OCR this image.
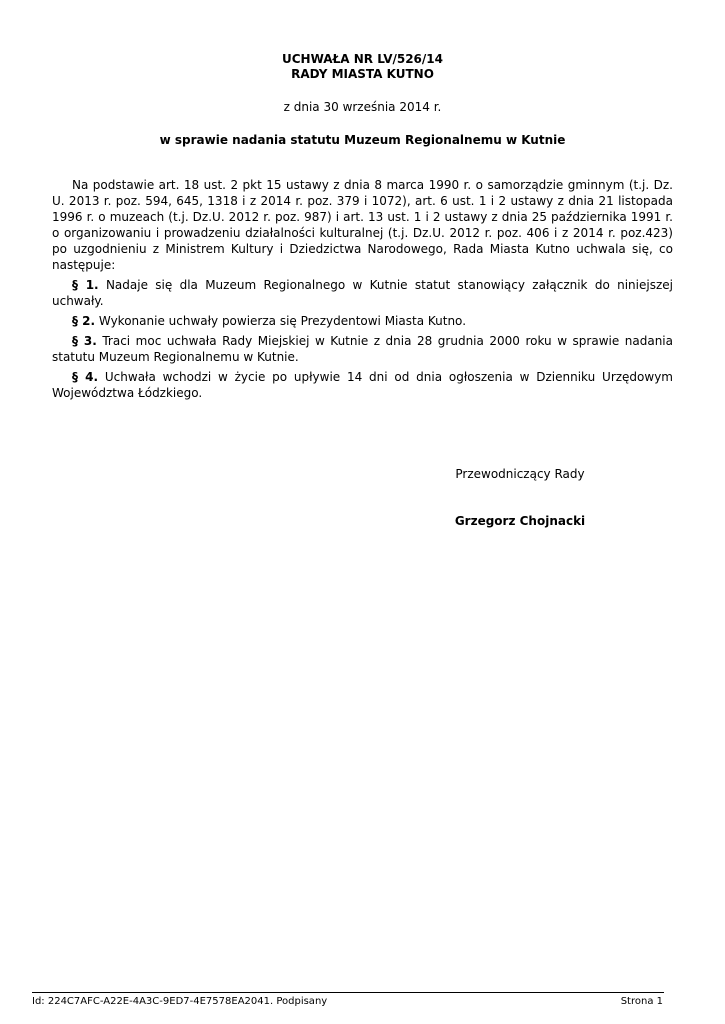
UCHWAŁA NR LV/526/14
RADY MIASTA KUTNO
z dnia 30 września 2014 r.
w sprawie nadania statutu Muzeum Regionalnemu w Kutnie

Na podstawie art. 18 ust. 2 pkt 15 ustawy z dnia 8 marca 1990 r. o samorządzie gminnym (t.j. Dz. U. 2013 r. poz. 594, 645, 1318 i z 2014 r. poz. 379 i 1072), art. 6 ust. 1 i 2 ustawy z dnia 21 listopada 1996 r. o muzeach (t.j. Dz.U. 2012 r. poz. 987) i art. 13 ust. 1 i 2 ustawy z dnia 25 października 1991 r. o organizowaniu i prowadzeniu działalności kulturalnej (t.j. Dz.U. 2012 r. poz. 406 i z 2014 r. poz.423) po uzgodnieniu z Ministrem Kultury i Dziedzictwa Narodowego, Rada Miasta Kutno uchwala się, co następuje:

§ 1. Nadaje się dla Muzeum Regionalnego w Kutnie statut stanowiący załącznik do niniejszej uchwały.

§ 2. Wykonanie uchwały powierza się Prezydentowi Miasta Kutno.

§ 3. Traci moc uchwała Rady Miejskiej w Kutnie z dnia 28 grudnia 2000 roku w sprawie nadania statutu Muzeum Regionalnemu w Kutnie.

§ 4. Uchwała wchodzi w życie po upływie 14 dni od dnia ogłoszenia w Dzienniku Urzędowym Województwa Łódzkiego.

Przewodniczący Rady
Grzegorz Chojnacki
Id: 224C7AFC-A22E-4A3C-9ED7-4E7578EA2041. Podpisany	Strona 1
